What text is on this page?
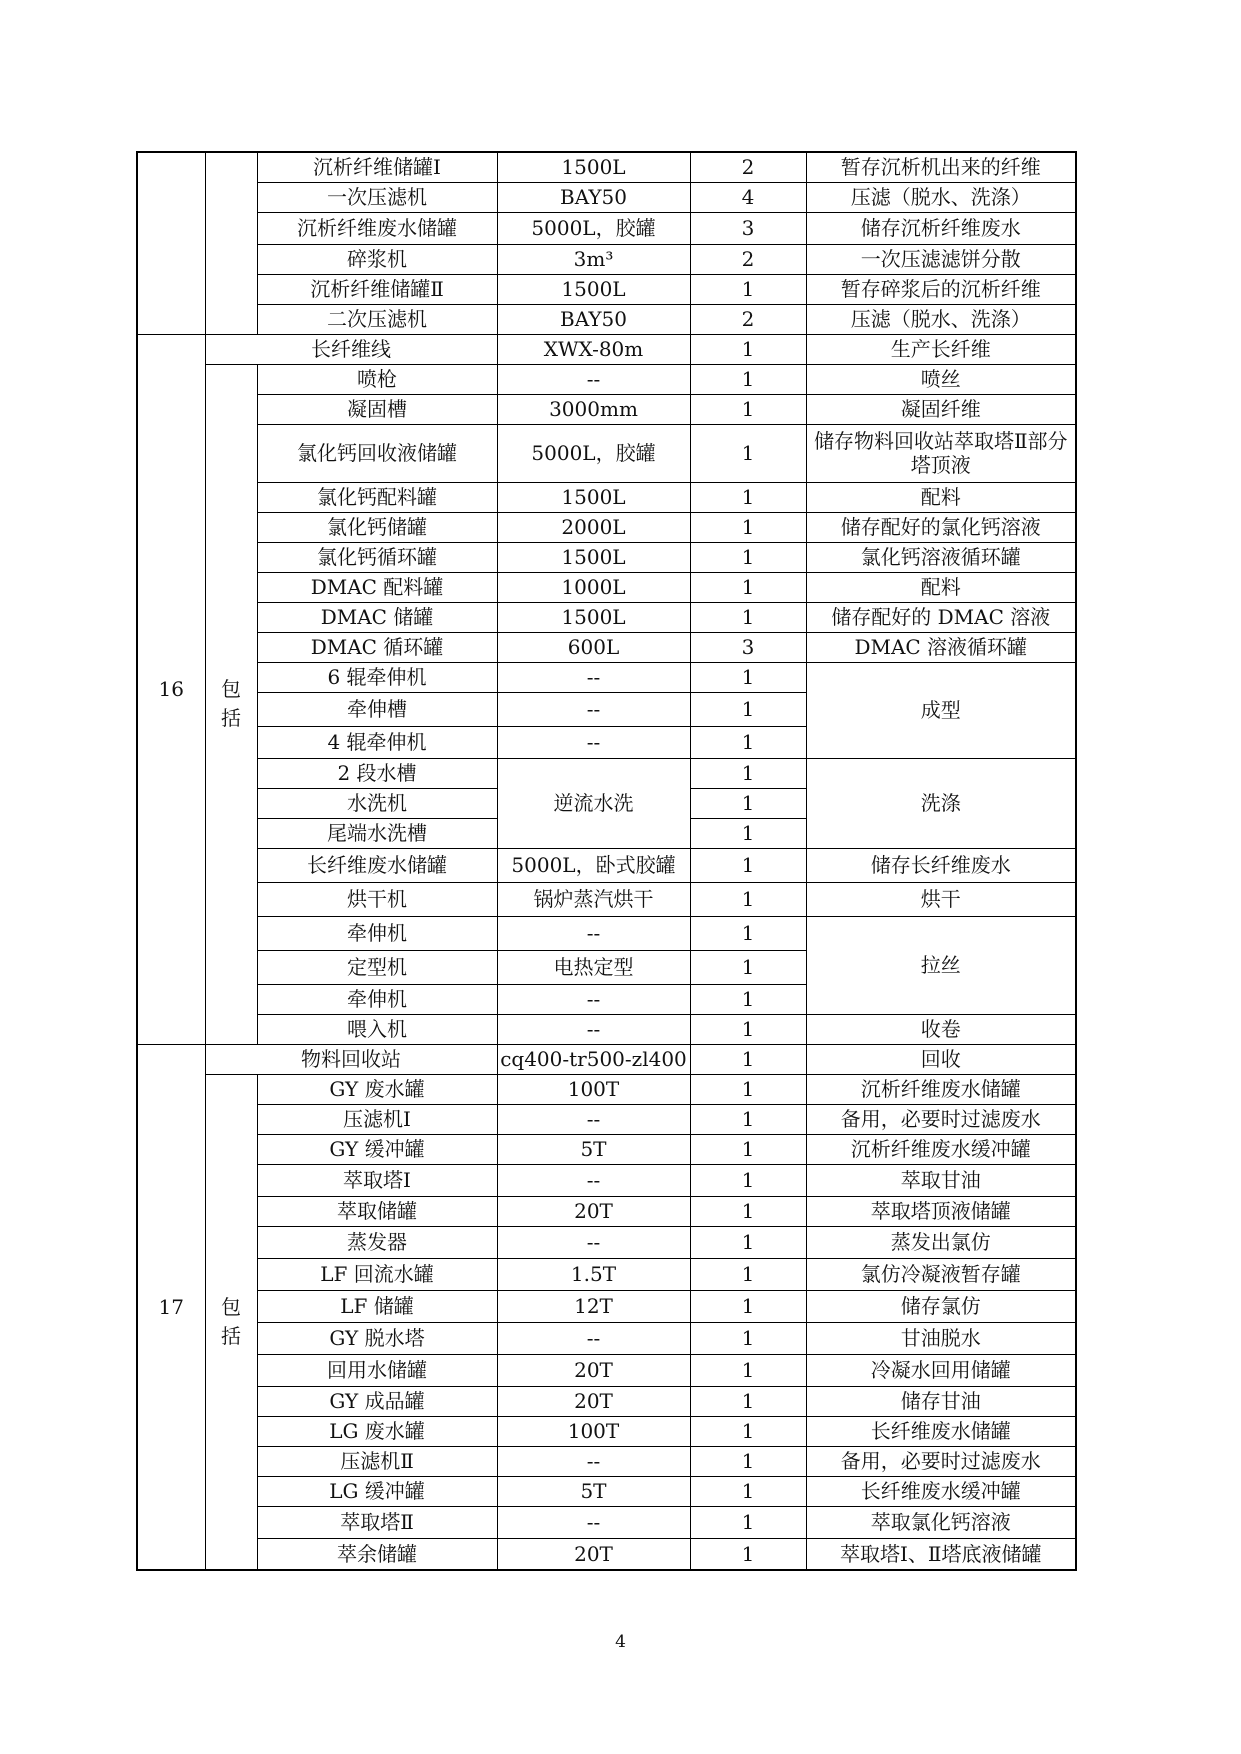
		沉析纤维储罐Ⅰ	1500L	2	暂存沉析机出来的纤维
		一次压滤机	BAY50	4	压滤（脱水、洗涤）
		沉析纤维废水储罐	5000L，胶罐	3	储存沉析纤维废水
		碎浆机	3m³	2	一次压滤滤饼分散
		沉析纤维储罐Ⅱ	1500L	1	暂存碎浆后的沉析纤维
		二次压滤机	BAY50	2	压滤（脱水、洗涤）
16	长纤维线		XWX-80m	1	生产长纤维
	包括	喷枪	--	1	喷丝
		凝固槽	3000mm	1	凝固纤维
		氯化钙回收液储罐	5000L，胶罐	1	储存物料回收站萃取塔Ⅱ部分塔顶液
		氯化钙配料罐	1500L	1	配料
		氯化钙储罐	2000L	1	储存配好的氯化钙溶液
		氯化钙循环罐	1500L	1	氯化钙溶液循环罐
		DMAC 配料罐	1000L	1	配料
		DMAC 储罐	1500L	1	储存配好的 DMAC 溶液
		DMAC 循环罐	600L	3	DMAC 溶液循环罐
		6 辊牵伸机	--	1	成型
		牵伸槽	--	1	
		4 辊牵伸机	--	1	
		2 段水槽	逆流水洗	1	洗涤
		水洗机		1	
		尾端水洗槽		1	
		长纤维废水储罐	5000L，卧式胶罐	1	储存长纤维废水
		烘干机	锅炉蒸汽烘干	1	烘干
		牵伸机	--	1	拉丝
		定型机	电热定型	1	
		牵伸机	--	1	
		喂入机	--	1	收卷
17	物料回收站		cq400-tr500-zl400	1	回收
	包括	GY 废水罐	100T	1	沉析纤维废水储罐
		压滤机Ⅰ	--	1	备用，必要时过滤废水
		GY 缓冲罐	5T	1	沉析纤维废水缓冲罐
		萃取塔Ⅰ	--	1	萃取甘油
		萃取储罐	20T	1	萃取塔顶液储罐
		蒸发器	--	1	蒸发出氯仿
		LF 回流水罐	1.5T	1	氯仿冷凝液暂存罐
		LF 储罐	12T	1	储存氯仿
		GY 脱水塔	--	1	甘油脱水
		回用水储罐	20T	1	冷凝水回用储罐
		GY 成品罐	20T	1	储存甘油
		LG 废水罐	100T	1	长纤维废水储罐
		压滤机Ⅱ	--	1	备用，必要时过滤废水
		LG 缓冲罐	5T	1	长纤维废水缓冲罐
		萃取塔Ⅱ	--	1	萃取氯化钙溶液
		萃余储罐	20T	1	萃取塔Ⅰ、Ⅱ塔底液储罐
4
